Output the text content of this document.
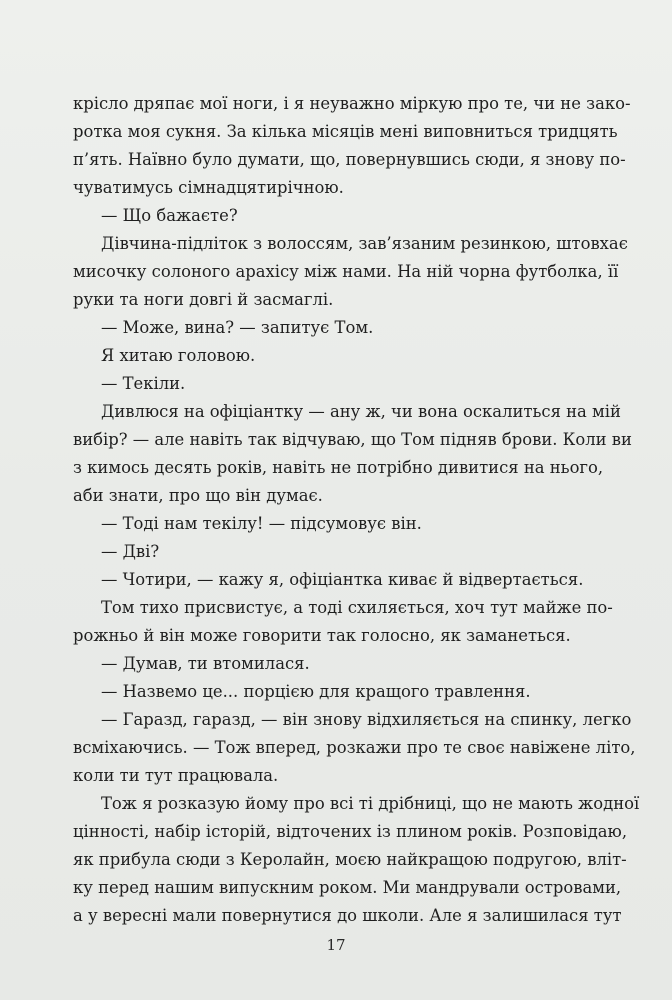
крісло дряпає мої ноги, і я неуважно міркую про те, чи не зако-
ротка моя сукня. За кілька місяців мені виповниться тридцять
п’ять. Наївно було думати, що, повернувшись сюди, я знову по-
чуватимусь сімнадцятирічною.
— Що бажаєте?
Дівчина-підліток з волоссям, зав’язаним резинкою, штовхає
мисочку солоного арахісу між нами. На ній чорна футболка, її
руки та ноги довгі й засмаглі.
— Може, вина? — запитує Том.
Я хитаю головою.
— Текіли.
Дивлюся на офіціантку — ану ж, чи вона оскалиться на мій
вибір? — але навіть так відчуваю, що Том підняв брови. Коли ви
з кимось десять років, навіть не потрібно дивитися на нього,
аби знати, про що він думає.
— Тоді нам текілу! — підсумовує він.
— Дві?
— Чотири, — кажу я, офіціантка киває й відвертається.
Том тихо присвистує, а тоді схиляється, хоч тут майже по-
рожньо й він може говорити так голосно, як заманеться.
— Думав, ти втомилася.
— Назвемо це... порцією для кращого травлення.
— Гаразд, гаразд, — він знову відхиляється на спинку, легко
всміхаючись. — Тож вперед, розкажи про те своє навіжене літо,
коли ти тут працювала.
Тож я розказую йому про всі ті дрібниці, що не мають жодної
цінності, набір історій, відточених із плином років. Розповідаю,
як прибула сюди з Керолайн, моєю найкращою подругою, вліт-
ку перед нашим випускним роком. Ми мандрували островами,
а у вересні мали повернутися до школи. Але я залишилася тут
17
